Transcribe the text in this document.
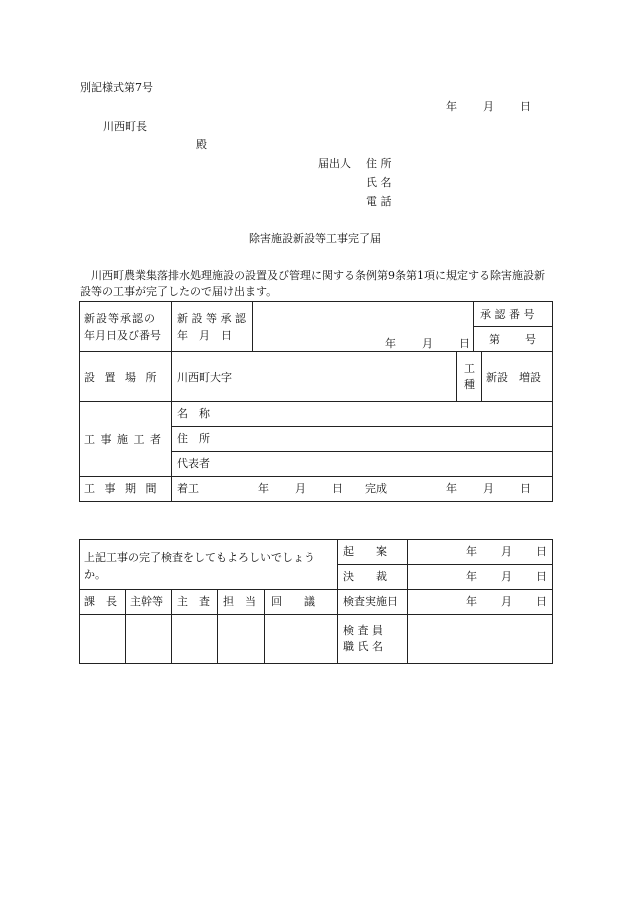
別記様式第7号
年 月 日
川西町長
殿
届出人 住 所
氏 名
電 話
除害施設新設等工事完了届
川西町農業集落排水処理施設の設置及び管理に関する条例第9条第1項に規定する除害施設新設等の工事が完了したので届け出ます。
新設等承認の
年月日及び番号
新 設 等 承 認
年　月　日
年 月 日
承 認 番 号
第 号
設 置 場 所 川西町大字
工
種
新設　増設
工 事 施 工 者
名　称
住　所
代表者
工 事 期 間 着工	年 月 日 完成	年 月 日
上記工事の完了検査をしてもよろしいでしょうか。
起　　案
決　　裁
検査実施日
検 査 員
職 氏 名
年 月 日
年 月 日
年 月 日
課　長 主幹等 主　査 担　当 回　　議
